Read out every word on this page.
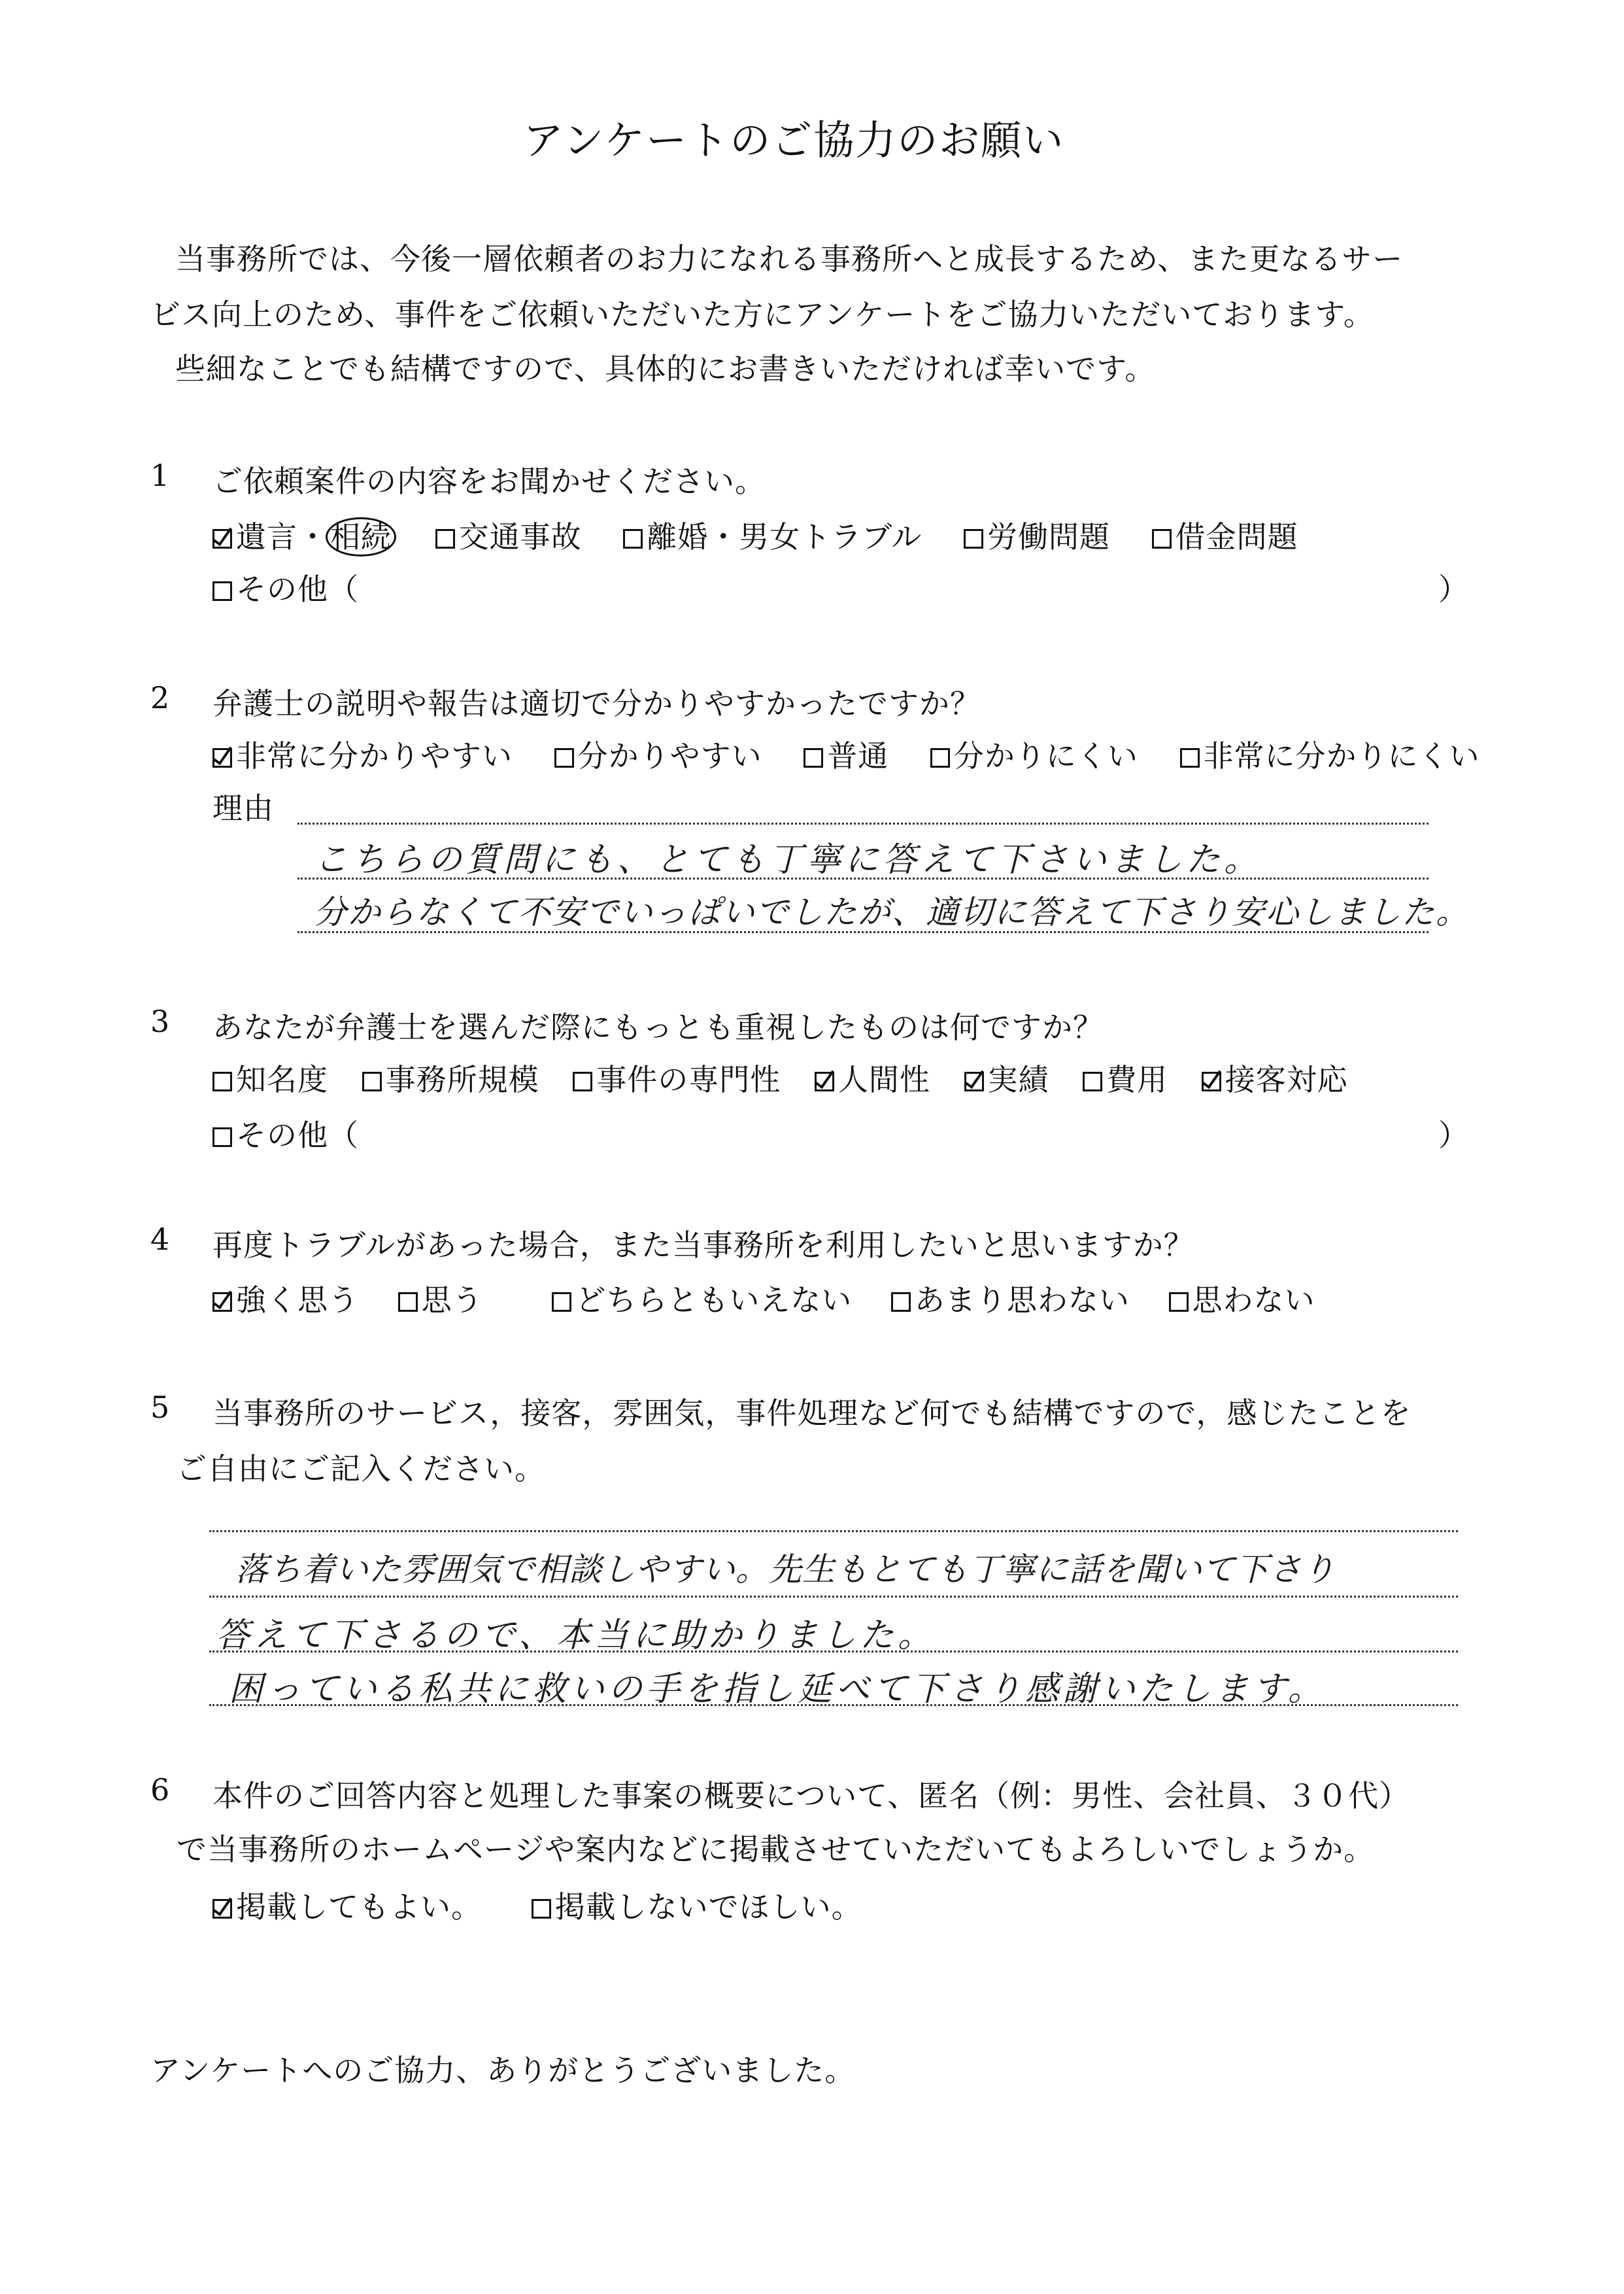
アンケートのご協力のお願い
当事務所では、今後一層依頼者のお力になれる事務所へと成長するため、また更なるサー
ビス向上のため、事件をご依頼いただいた方にアンケートをご協力いただいております。
些細なことでも結構ですので、具体的にお書きいただければ幸いです。
1 ご依頼案件の内容をお聞かせください。
遺言・相続 交通事故 離婚・男女トラブル 労働問題 借金問題
その他（	）
2 弁護士の説明や報告は適切で分かりやすかったですか？
非常に分かりやすい 分かりやすい 普通 分かりにくい 非常に分かりにくい
理由
こちらの質問にも、とても丁寧に答えて下さいました。
分からなくて不安でいっぱいでしたが、適切に答えて下さり安心しました。
3 あなたが弁護士を選んだ際にもっとも重視したものは何ですか？
知名度 事務所規模 事件の専門性 人間性 実績 費用 接客対応
その他（	）
4 再度トラブルがあった場合，また当事務所を利用したいと思いますか？
強く思う 思う	どちらともいえない あまり思わない 思わない
5 当事務所のサービス，接客，雰囲気，事件処理など何でも結構ですので，感じたことを
ご自由にご記入ください。
落ち着いた雰囲気で相談しやすい。先生もとても丁寧に話を聞いて下さり
答えて下さるので、本当に助かりました。
困っている私共に救いの手を指し延べて下さり感謝いたします。
6 本件のご回答内容と処理した事案の概要について、匿名（例：男性、会社員、３０代）
で当事務所のホームページや案内などに掲載させていただいてもよろしいでしょうか。
掲載してもよい。 掲載しないでほしい。
アンケートへのご協力、ありがとうございました。
